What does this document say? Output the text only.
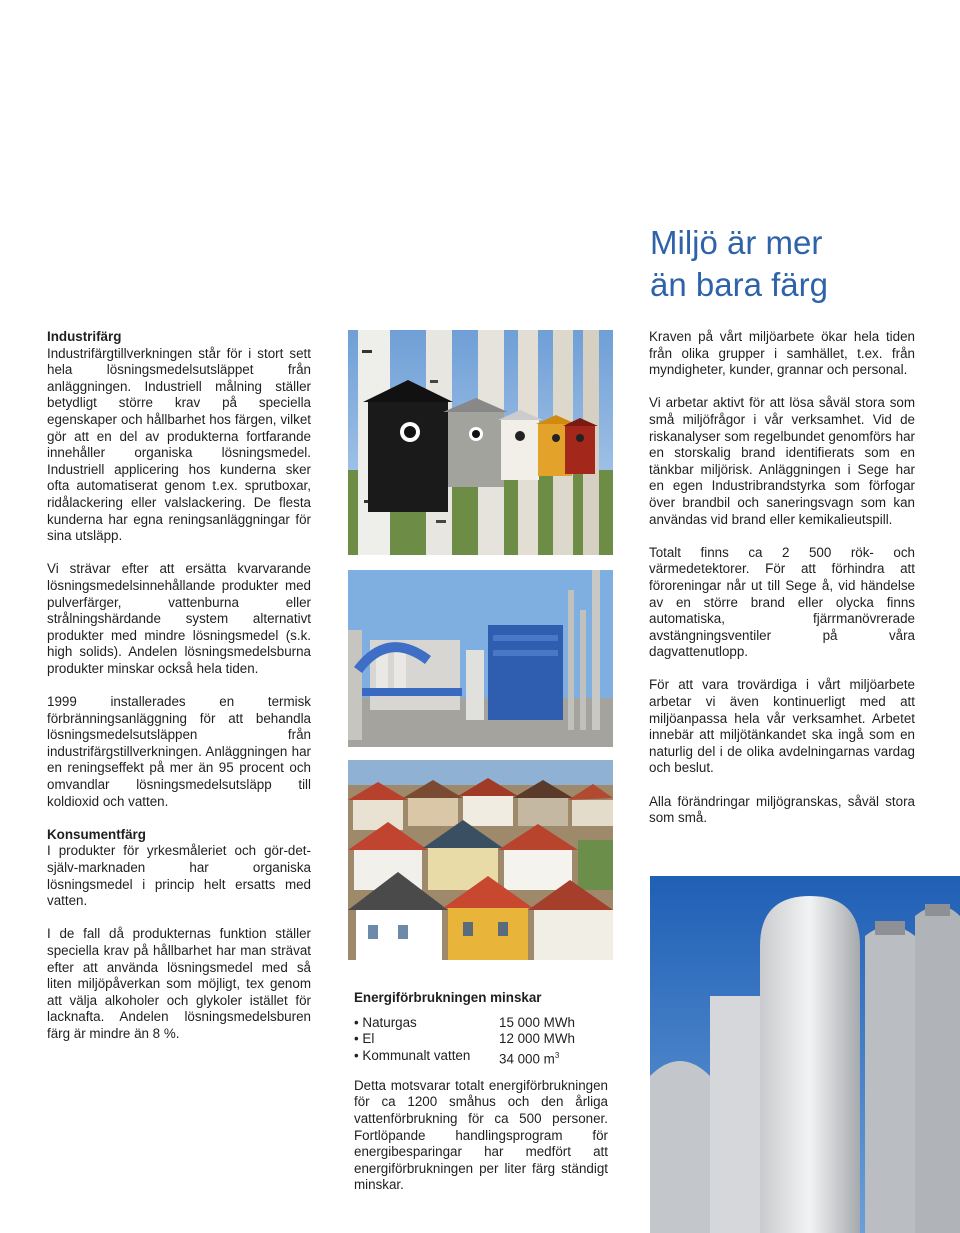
Miljö är mer
än bara färg
Industrifärg

Industrifärgtillverkningen står för i stort sett hela lösningsmedelsutsläppet från anläggningen. Industriell målning ställer betydligt större krav på speciella egenskaper och hållbarhet hos färgen, vilket gör att en del av produkterna fortfarande innehåller organiska lösningsmedel. Industriell applicering hos kunderna sker ofta automatiserat genom t.ex. sprutboxar, ridålackering eller valslackering. De flesta kunderna har egna reningsanläggningar för sina utsläpp.

Vi strävar efter att ersätta kvarvarande lösningsmedelsinnehållande produkter med pulverfärger, vattenburna eller strålningshärdande system alternativt produkter med mindre lösningsmedel (s.k. high solids). Andelen lösningsmedelsburna produkter minskar också hela tiden.

1999 installerades en termisk förbränningsanläggning för att behandla lösningsmedelsutsläppen från industrifärgstillverkningen. Anläggningen har en reningseffekt på mer än 95 procent och omvandlar lösningsmedelsutsläpp till koldioxid och vatten.

Konsumentfärg

I produkter för yrkesmåleriet och gör-det-själv-marknaden har organiska lösningsmedel i princip helt ersatts med vatten.

I de fall då produkternas funktion ställer speciella krav på hållbarhet har man strävat efter att använda lösningsmedel med så liten miljöpåverkan som möjligt, tex genom att välja alkoholer och glykoler istället för lacknafta. Andelen lösningsmedelsburen färg är mindre än 8 %.

Energiförbrukningen minskar
• Naturgas	15 000 MWh
• El	12 000 MWh
• Kommunalt vatten	34 000 $m^3$

Detta motsvarar totalt energiförbrukningen för ca 1200 småhus och den årliga vattenförbrukning för ca 500 personer. Fortlöpande handlingsprogram för energibesparingar har medfört att energiförbrukningen per liter färg ständigt minskar.

Kraven på vårt miljöarbete ökar hela tiden från olika grupper i samhället, t.ex. från myndigheter, kunder, grannar och personal.

Vi arbetar aktivt för att lösa såväl stora som små miljöfrågor i vår verksamhet. Vid de riskanalyser som regelbundet genomförs har en storskalig brand identifierats som en tänkbar miljörisk. Anläggningen i Sege har en egen Industribrandstyrka som förfogar över brandbil och saneringsvagn som kan användas vid brand eller kemikalieutspill.

Totalt finns ca 2 500 rök- och värmedetektorer. För att förhindra att föroreningar når ut till Sege å, vid händelse av en större brand eller olycka finns automatiska, fjärrmanövrerade avstängningsventiler på våra dagvattenutlopp.

För att vara trovärdiga i vårt miljöarbete arbetar vi även kontinuerligt med att miljöanpassa hela vår verksamhet. Arbetet innebär att miljötänkandet ska ingå som en naturlig del i de olika avdelningarnas vardag och beslut.

Alla förändringar miljögranskas, såväl stora som små.
